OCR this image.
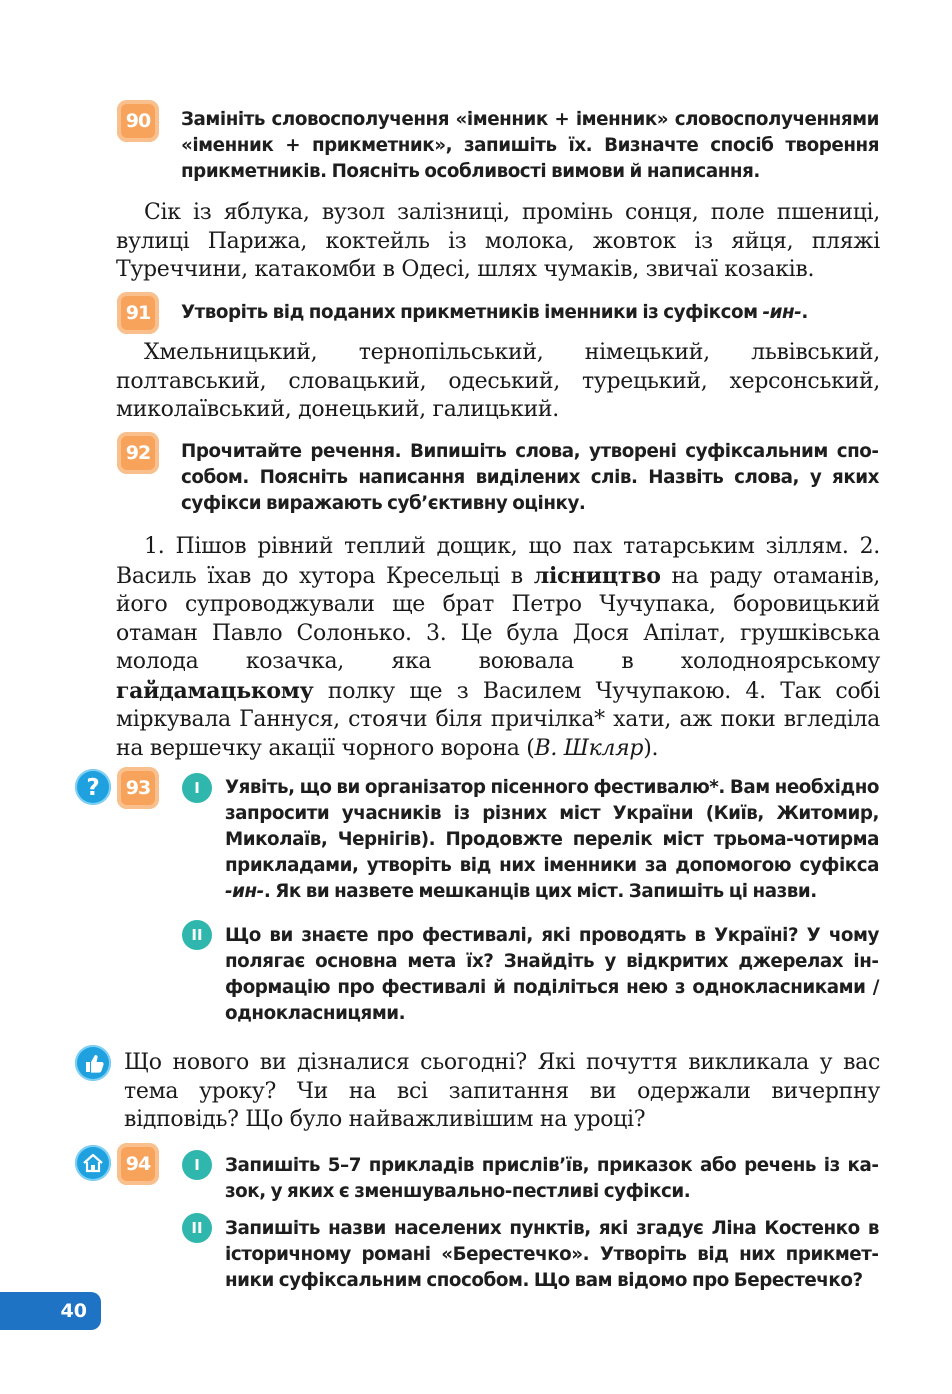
90	Замініть словосполучення «іменник + іменник» словосполученнями «іменник + прикметник», запишіть їх. Визначте спосіб творення прикметників. Поясніть особливості вимови й написання.
Сік із яблука, вузол залізниці, промінь сонця, поле пшениці, вулиці Парижа, коктейль із молока, жовток із яйця, пляжі Туреччини, катакомби в Одесі, шлях чумаків, звичаї козаків.
91	Утворіть від поданих прикметників іменники із суфіксом -ин-.
Хмельницький, тернопільський, німецький, львівський, полтавський, словацький, одеський, турецький, херсонський, миколаївський, донецький, галицький.
92	Прочитайте речення. Випишіть слова, утворені суфіксальним способом. Поясніть написання виділених слів. Назвіть слова, у яких суфікси виражають суб’єктивну оцінку.
1. Пішов рівний теплий дощик, що пах татарським зіллям. 2. Василь їхав до хутора Кресельці в лісництво на раду отаманів, його супроводжували ще брат Петро Чучупака, боровицький отаман Павло Солонько. 3. Це була Дося Апілат, грушківська молода козачка, яка воювала в холодноярському гайдамацькому полку ще з Василем Чучупакою. 4. Так собі міркувала Ганнуся, стоячи біля причілка* хати, аж поки вгледіла на вершечку акації чорного ворона (В. Шкляр).
?	93	I	Уявіть, що ви організатор пісенного фестивалю*. Вам необхідно запросити учасників із різних міст України (Київ, Житомир, Миколаїв, Чернігів). Продовжте перелік міст трьома-чотирма прикладами, утворіть від них іменники за допомогою суфікса -ин-. Як ви назвете мешканців цих міст. Запишіть ці назви.
II	Що ви знаєте про фестивалі, які проводять в Україні? У чому полягає основна мета їх? Знайдіть у відкритих джерелах інформацію про фестивалі й поділіться нею з однокласниками / однокласницями.
Що нового ви дізналися сьогодні? Які почуття викликала у вас тема уроку? Чи на всі запитання ви одержали вичерпну відповідь? Що було найважливішим на уроці?
94	I	Запишіть 5–7 прикладів прислів’їв, приказок або речень із казок, у яких є зменшувально-пестливі суфікси.
II	Запишіть назви населених пунктів, які згадує Ліна Костенко в історичному романі «Берестечко». Утворіть від них прикметники суфіксальним способом. Що вам відомо про Берестечко?
40
